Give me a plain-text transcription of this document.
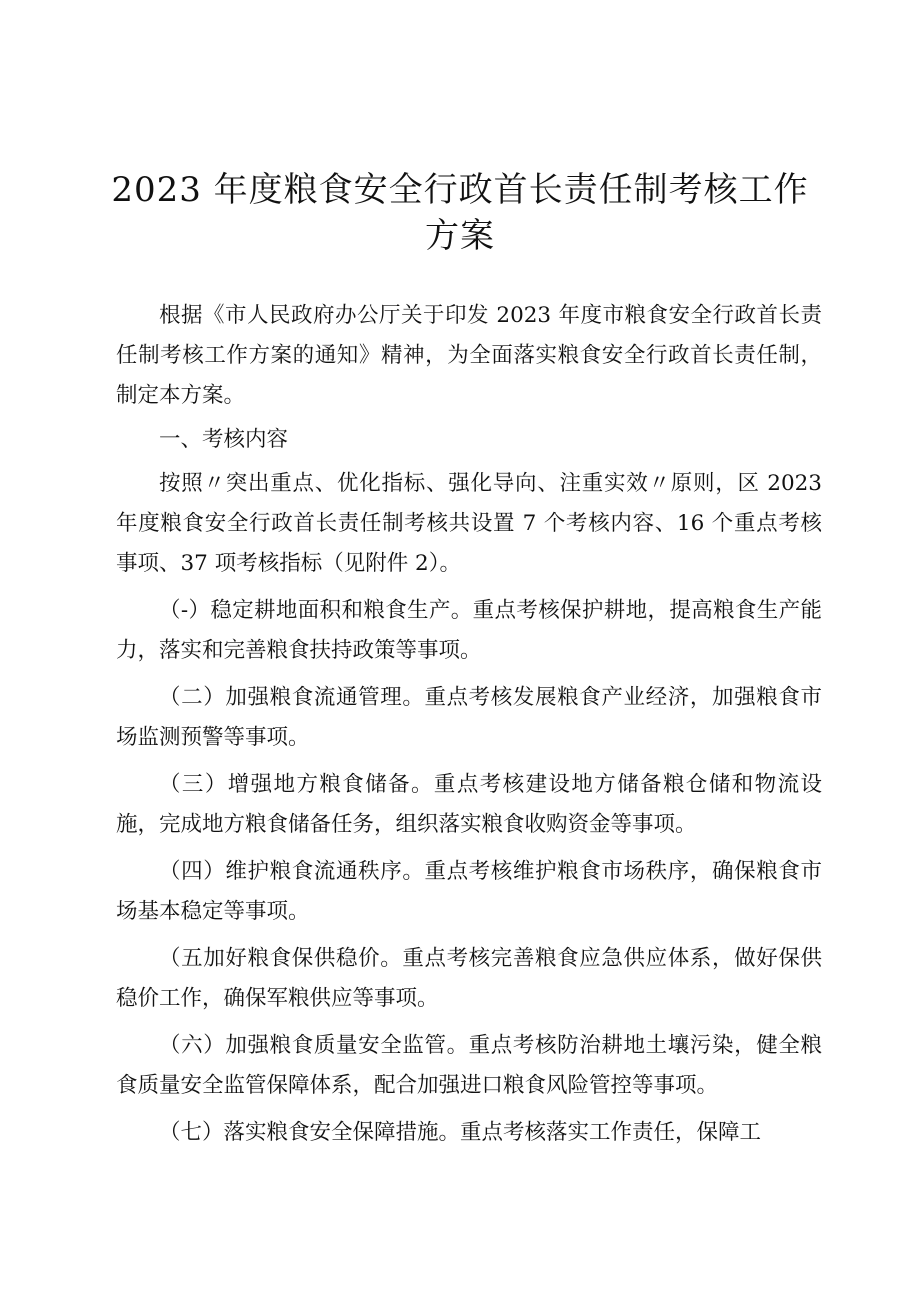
2023 年度粮食安全行政首长责任制考核工作
方案

根据《市人民政府办公厅关于印发 2023 年度市粮食安全行政首长责任制考核工作方案的通知》精神，为全面落实粮食安全行政首长责任制，制定本方案。

一、考核内容

按照〃突出重点、优化指标、强化导向、注重实效〃原则，区 2023 年度粮食安全行政首长责任制考核共设置 7 个考核内容、16 个重点考核事项、37 项考核指标（见附件 2）。

（-）稳定耕地面积和粮食生产。重点考核保护耕地，提高粮食生产能力，落实和完善粮食扶持政策等事项。

（二）加强粮食流通管理。重点考核发展粮食产业经济，加强粮食市场监测预警等事项。

（三）增强地方粮食储备。重点考核建设地方储备粮仓储和物流设施，完成地方粮食储备任务，组织落实粮食收购资金等事项。

（四）维护粮食流通秩序。重点考核维护粮食市场秩序，确保粮食市场基本稳定等事项。

（五加好粮食保供稳价。重点考核完善粮食应急供应体系，做好保供稳价工作，确保军粮供应等事项。

（六）加强粮食质量安全监管。重点考核防治耕地土壤污染，健全粮食质量安全监管保障体系，配合加强进口粮食风险管控等事项。

（七）落实粮食安全保障措施。重点考核落实工作责任，保障工
